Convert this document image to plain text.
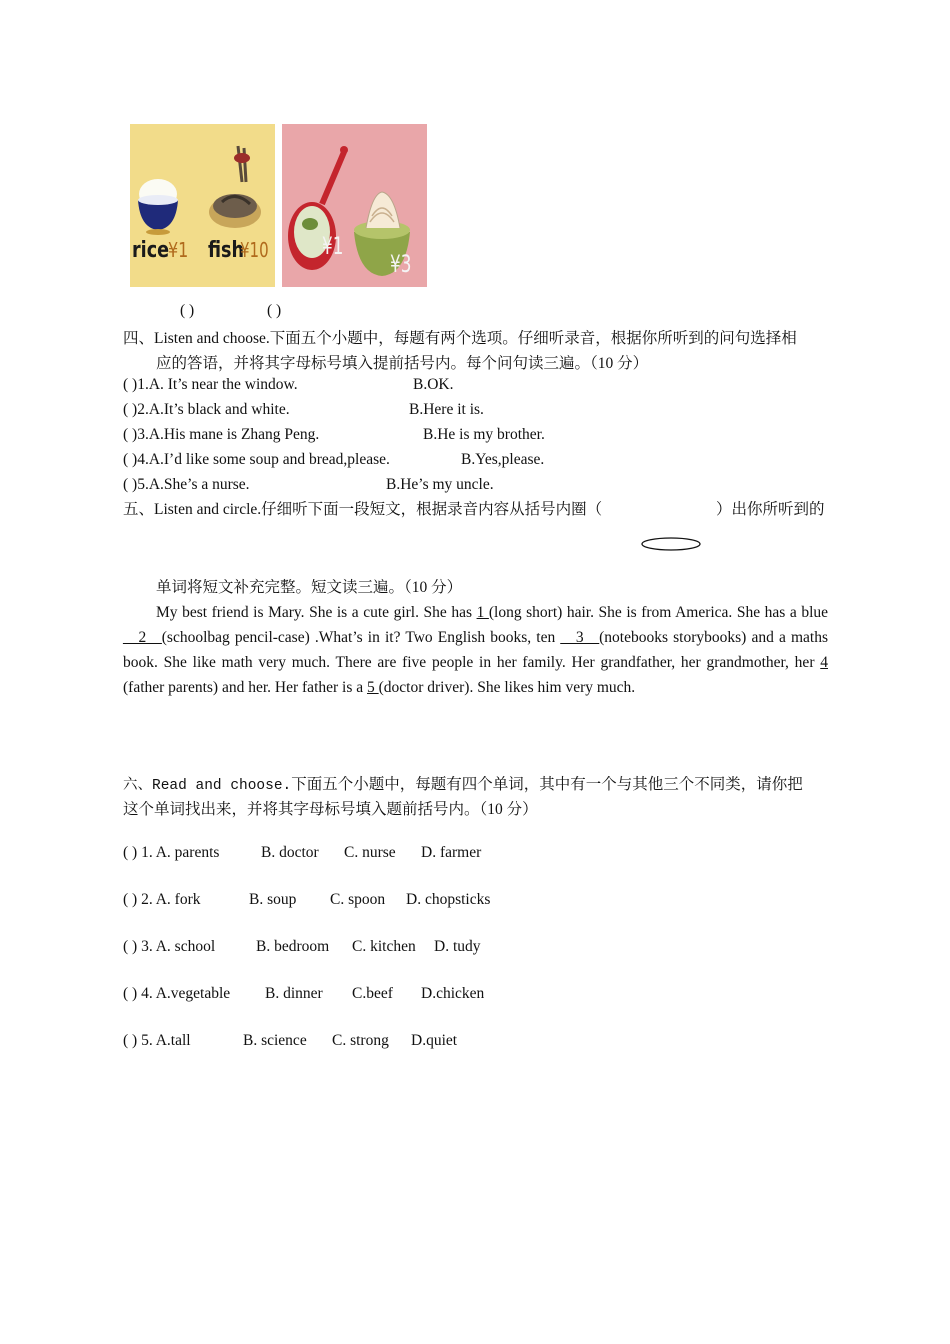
rice
¥1 fish
¥10 ¥1
¥3
( )	( )
四、Listen and choose.下面五个小题中，每题有两个选项。仔细听录音，根据你所听到的问句选择相
应的答语，并将其字母标号填入提前括号内。每个问句读三遍。（10 分）
( )1.A. It’s near the window.	B.OK.
( )2.A.It’s black and white.	B.Here it is.
( )3.A.His mane is Zhang Peng.	B.He is my brother.
( )4.A.I’d like some soup and bread,please.	B.Yes,please.
( )5.A.She’s a nurse.	B.He’s my uncle.
五、Listen and circle.仔细听下面一段短文，根据录音内容从括号内圈（	）出你所听到的
单词将短文补充完整。短文读三遍。（10 分）

My best friend is Mary. She is a cute girl. She has 1 (long short) hair. She is from America. She has a blue __2__(schoolbag pencil-case) .What’s in it? Two English books, ten __3__(notebooks storybooks) and a maths book. She like math very much. There are five people in her family. Her grandfather, her grandmother, her 4 (father parents) and her. Her father is a 5 (doctor driver). She likes him very much.

六、Read and choose.下面五个小题中，每题有四个单词，其中有一个与其他三个不同类，请你把
这个单词找出来，并将其字母标号填入题前括号内。（10 分）
( ) 1. A. parents	B. doctor C. nurse D. farmer
( ) 2. A. fork	B. soup C. spoon D. chopsticks
( ) 3. A. school	B. bedroom C. kitchen D. tudy
( ) 4. A.vegetable B. dinner C.beef D.chicken
( ) 5. A.tall	B. science C. strong D.quiet
